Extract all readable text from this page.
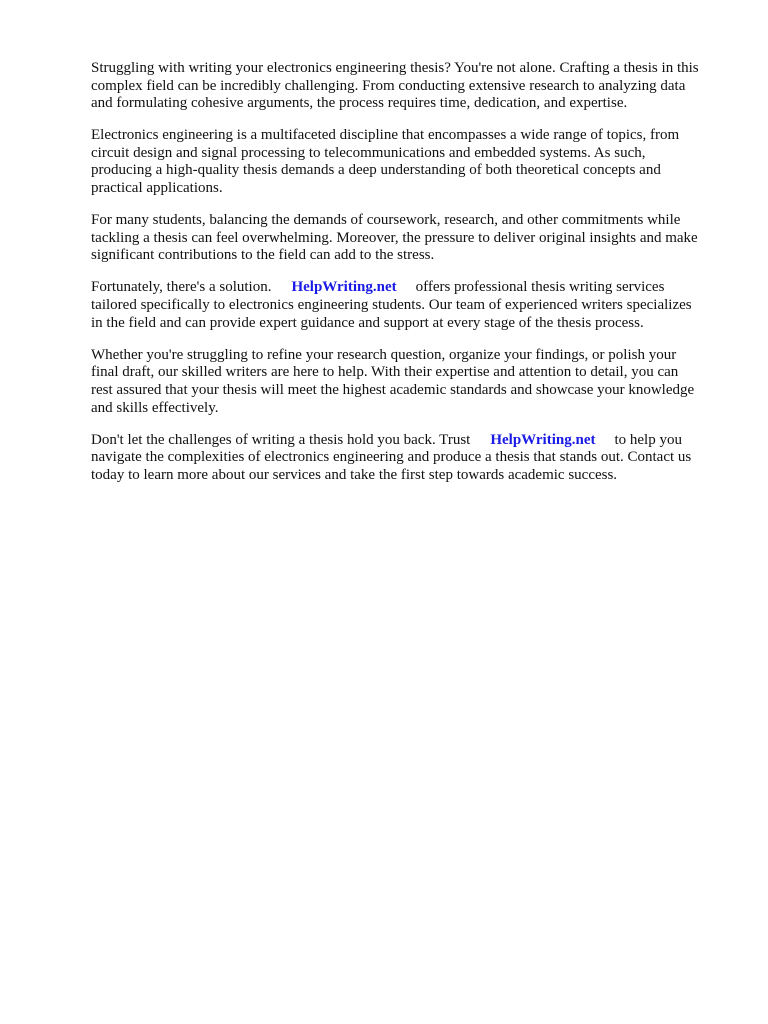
Struggling with writing your electronics engineering thesis? You're not alone. Crafting a thesis in this
complex field can be incredibly challenging. From conducting extensive research to analyzing data
and formulating cohesive arguments, the process requires time, dedication, and expertise.

Electronics engineering is a multifaceted discipline that encompasses a wide range of topics, from
circuit design and signal processing to telecommunications and embedded systems. As such,
producing a high-quality thesis demands a deep understanding of both theoretical concepts and
practical applications.

For many students, balancing the demands of coursework, research, and other commitments while
tackling a thesis can feel overwhelming. Moreover, the pressure to deliver original insights and make
significant contributions to the field can add to the stress.

Fortunately, there's a solution. HelpWriting.net offers professional thesis writing services
tailored specifically to electronics engineering students. Our team of experienced writers specializes
in the field and can provide expert guidance and support at every stage of the thesis process.

Whether you're struggling to refine your research question, organize your findings, or polish your
final draft, our skilled writers are here to help. With their expertise and attention to detail, you can
rest assured that your thesis will meet the highest academic standards and showcase your knowledge
and skills effectively.

Don't let the challenges of writing a thesis hold you back. Trust HelpWriting.net to help you
navigate the complexities of electronics engineering and produce a thesis that stands out. Contact us
today to learn more about our services and take the first step towards academic success.
